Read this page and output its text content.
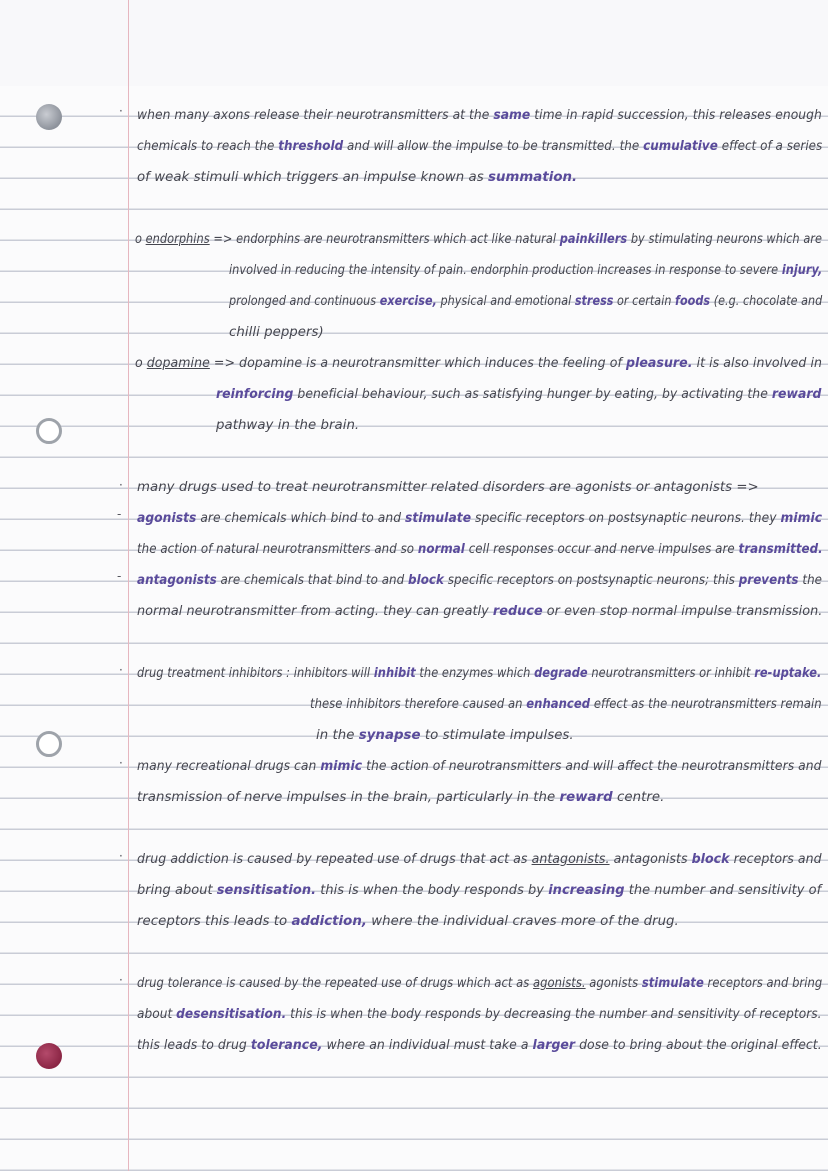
· when many axons release their neurotransmitters at the same time in rapid succession, this releases enough
chemicals to reach the threshold and will allow the impulse to be transmitted. the cumulative effect of a series
of weak stimuli which triggers an impulse known as summation.
o endorphins => endorphins are neurotransmitters which act like natural painkillers by stimulating neurons which are
involved in reducing the intensity of pain. endorphin production increases in response to severe injury,
prolonged and continuous exercise, physical and emotional stress or certain foods (e.g. chocolate and
chilli peppers)
o dopamine => dopamine is a neurotransmitter which induces the feeling of pleasure. it is also involved in
reinforcing beneficial behaviour, such as satisfying hunger by eating, by activating the reward
pathway in the brain.
· many drugs used to treat neurotransmitter related disorders are agonists or antagonists =>
- agonists are chemicals which bind to and stimulate specific receptors on postsynaptic neurons. they mimic
the action of natural neurotransmitters and so normal cell responses occur and nerve impulses are transmitted.
- antagonists are chemicals that bind to and block specific receptors on postsynaptic neurons; this prevents the
normal neurotransmitter from acting. they can greatly reduce or even stop normal impulse transmission.
· drug treatment inhibitors : inhibitors will inhibit the enzymes which degrade neurotransmitters or inhibit re-uptake.
these inhibitors therefore caused an enhanced effect as the neurotransmitters remain
in the synapse to stimulate impulses.
· many recreational drugs can mimic the action of neurotransmitters and will affect the neurotransmitters and
transmission of nerve impulses in the brain, particularly in the reward centre.
· drug addiction is caused by repeated use of drugs that act as antagonists. antagonists block receptors and
bring about sensitisation. this is when the body responds by increasing the number and sensitivity of
receptors this leads to addiction, where the individual craves more of the drug.
· drug tolerance is caused by the repeated use of drugs which act as agonists. agonists stimulate receptors and bring
about desensitisation. this is when the body responds by decreasing the number and sensitivity of receptors.
this leads to drug tolerance, where an individual must take a larger dose to bring about the original effect.
